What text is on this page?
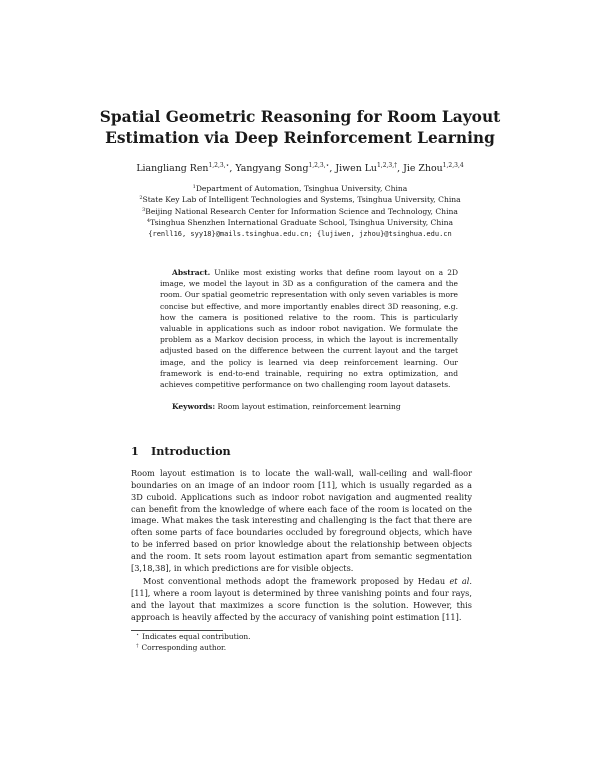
Spatial Geometric Reasoning for Room Layout
Estimation via Deep Reinforcement Learning
Liangliang Ren$^{1,2,3,⋆}$, Yangyang Song$^{1,2,3,⋆}$, Jiwen $Lu^{1,2,3,\dagger}$, Jie Zhou$^{1,2,3,4}$
$^1$Department of Automation, Tsinghua University, China
$^2$State Key Lab of Intelligent Technologies and Systems, Tsinghua University, China
$^3$Beijing National Research Center for Information Science and Technology, China
$^4$Tsinghua Shenzhen International Graduate School, Tsinghua University, China
{renll16, syy18}@mails.tsinghua.edu.cn; {lujiwen, jzhou}@tsinghua.edu.cn
Abstract. Unlike most existing works that define room layout on a 2D image, we model the layout in 3D as a configuration of the camera and the room. Our spatial geometric representation with only seven variables is more concise but effective, and more importantly enables direct 3D reasoning, e.g. how the camera is positioned relative to the room. This is particularly valuable in applications such as indoor robot navigation. We formulate the problem as a Markov decision process, in which the layout is incrementally adjusted based on the difference between the current layout and the target image, and the policy is learned via deep reinforcement learning. Our framework is end-to-end trainable, requiring no extra optimization, and achieves competitive performance on two challenging room layout datasets.
Keywords: Room layout estimation, reinforcement learning
1 Introduction

Room layout estimation is to locate the wall-wall, wall-ceiling and wall-floor boundaries on an image of an indoor room [11], which is usually regarded as a 3D cuboid. Applications such as indoor robot navigation and augmented reality can benefit from the knowledge of where each face of the room is located on the image. What makes the task interesting and challenging is the fact that there are often some parts of face boundaries occluded by foreground objects, which have to be inferred based on prior knowledge about the relationship between objects and the room. It sets room layout estimation apart from semantic segmentation [3,18,38], in which predictions are for visible objects.

Most conventional methods adopt the framework proposed by Hedau et al. [11], where a room layout is determined by three vanishing points and four rays, and the layout that maximizes a score function is the solution. However, this approach is heavily affected by the accuracy of vanishing point estimation [11].

⋆ Indicates equal contribution.
† Corresponding author.
